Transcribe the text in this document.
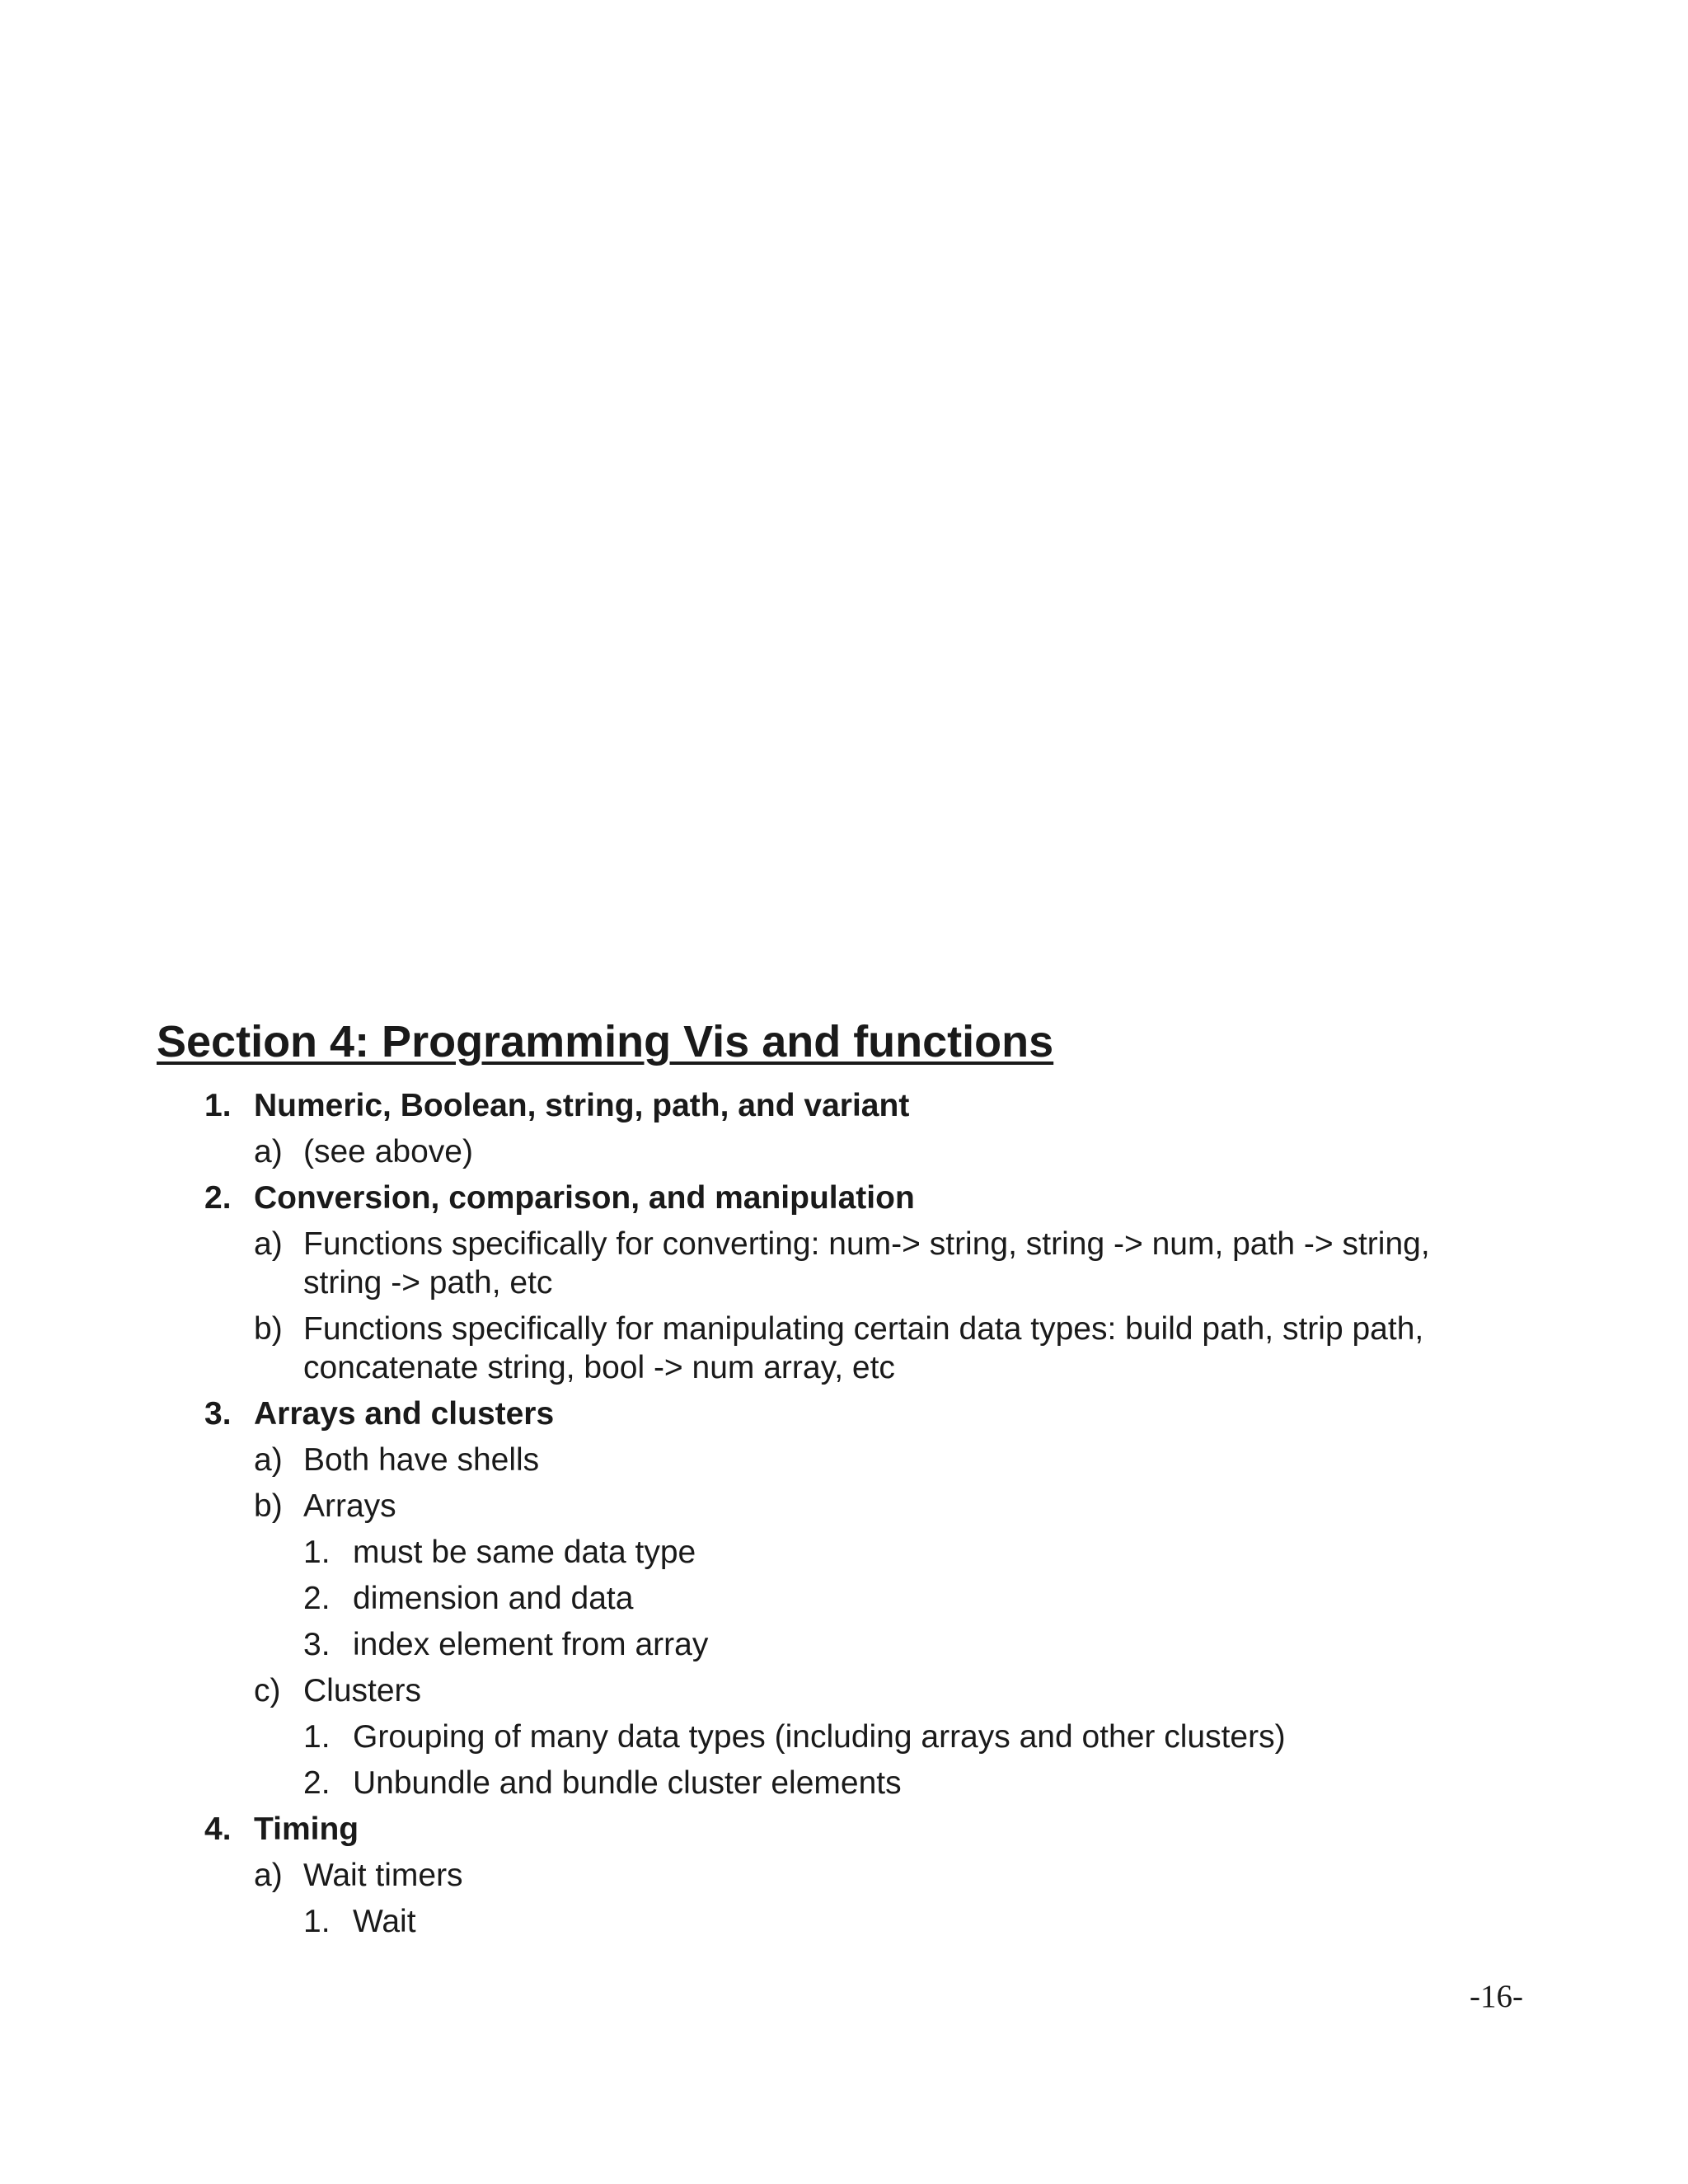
Section 4: Programming Vis and functions
1. Numeric, Boolean, string, path, and variant
a) (see above)
2. Conversion, comparison, and manipulation
a) Functions specifically for converting: num-> string, string -> num, path -> string,
string -> path, etc
b) Functions specifically for manipulating certain data types: build path, strip path,
concatenate string, bool -> num array, etc
3. Arrays and clusters
a) Both have shells
b) Arrays
1. must be same data type
2. dimension and data
3. index element from array
c) Clusters
1. Grouping of many data types (including arrays and other clusters)
2. Unbundle and bundle cluster elements
4. Timing
a) Wait timers
1. Wait
-16-
